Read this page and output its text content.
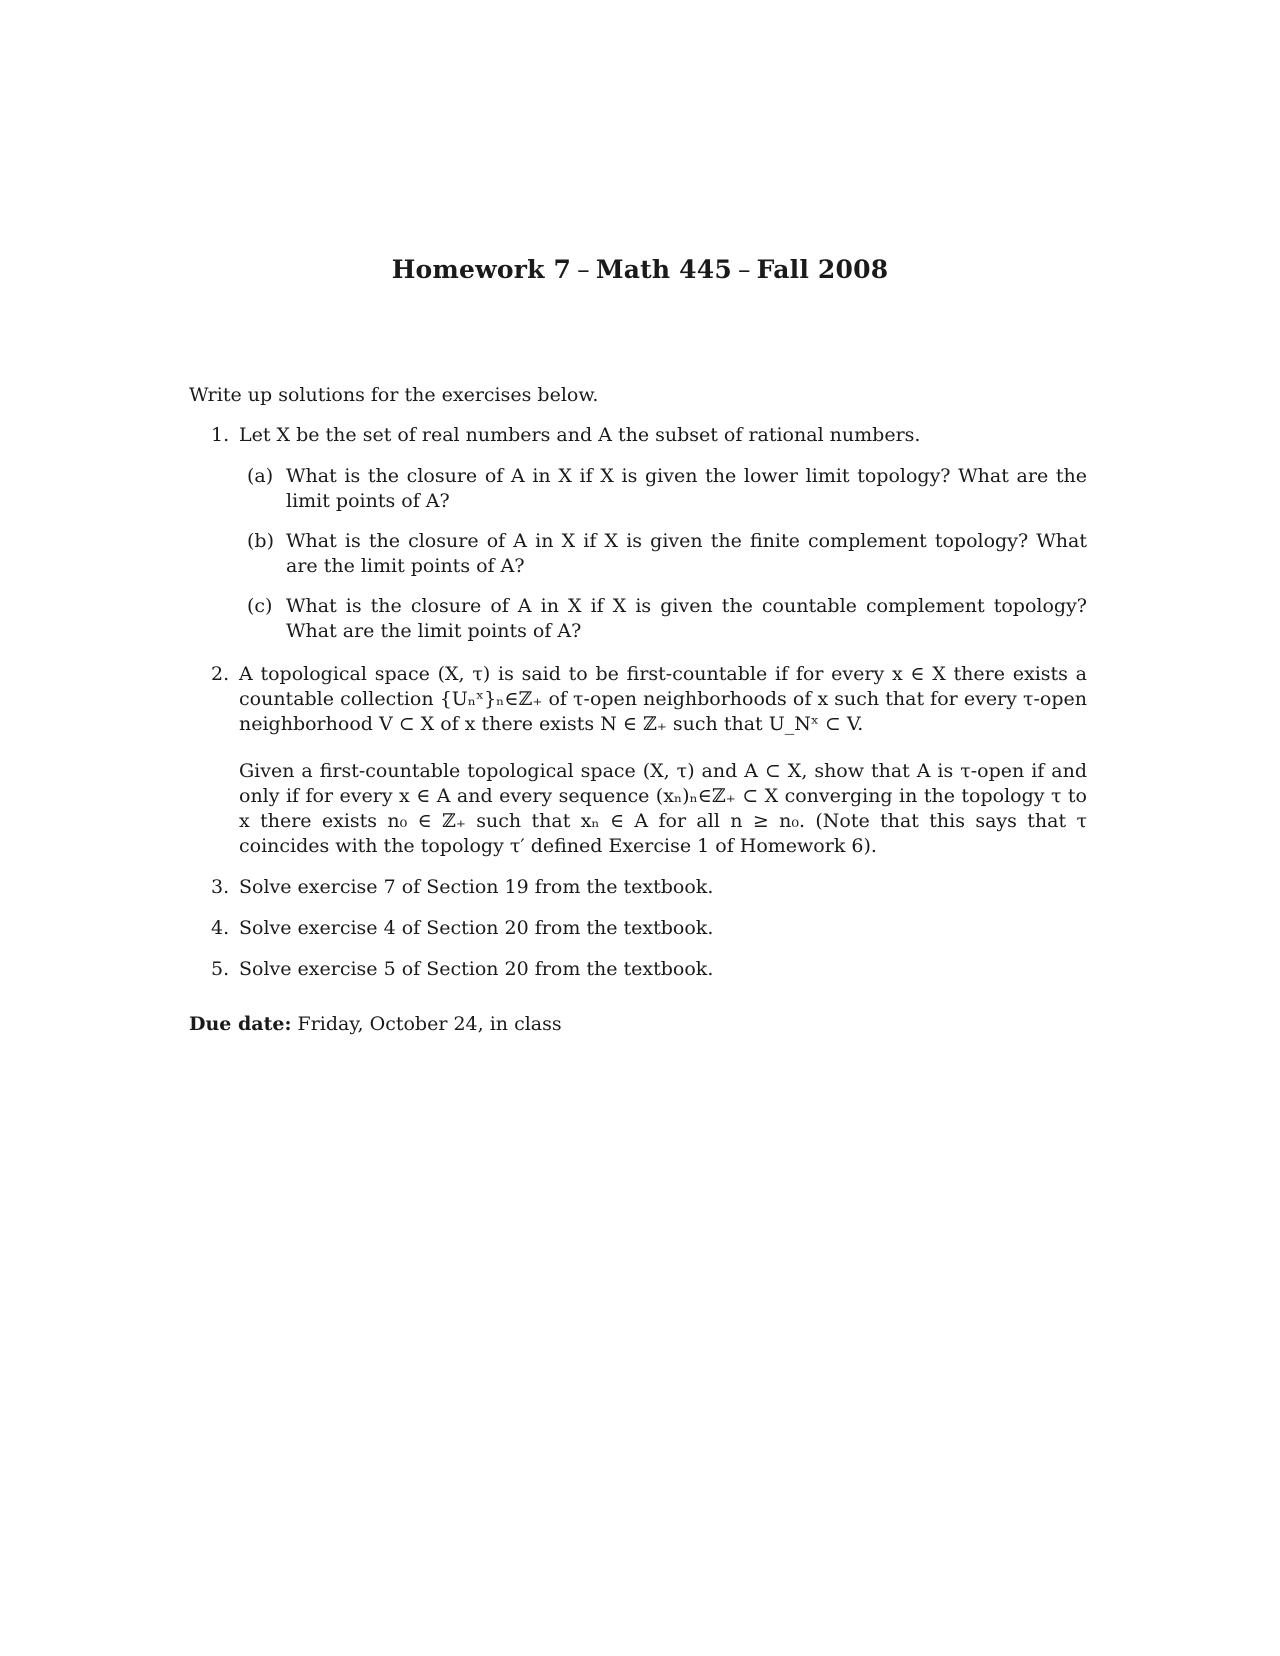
Homework 7 – Math 445 – Fall 2008

Write up solutions for the exercises below.

1. Let X be the set of real numbers and A the subset of rational numbers.
(a) What is the closure of A in X if X is given the lower limit topology? What are the limit points of A?
(b) What is the closure of A in X if X is given the finite complement topology? What are the limit points of A?
(c) What is the closure of A in X if X is given the countable complement topology? What are the limit points of A?
2. A topological space (X, τ) is said to be first-countable if for every x ∈ X there exists a countable collection {Uₙˣ}ₙ∈ℤ₊ of τ-open neighborhoods of x such that for every τ-open neighborhood V ⊂ X of x there exists N ∈ ℤ₊ such that U_Nˣ ⊂ V.
Given a first-countable topological space (X, τ) and A ⊂ X, show that A is τ-open if and only if for every x ∈ A and every sequence (xₙ)ₙ∈ℤ₊ ⊂ X converging in the topology τ to x there exists n₀ ∈ ℤ₊ such that xₙ ∈ A for all n ≥ n₀. (Note that this says that τ coincides with the topology τ′ defined Exercise 1 of Homework 6).
3. Solve exercise 7 of Section 19 from the textbook.
4. Solve exercise 4 of Section 20 from the textbook.
5. Solve exercise 5 of Section 20 from the textbook.
Due date: Friday, October 24, in class
